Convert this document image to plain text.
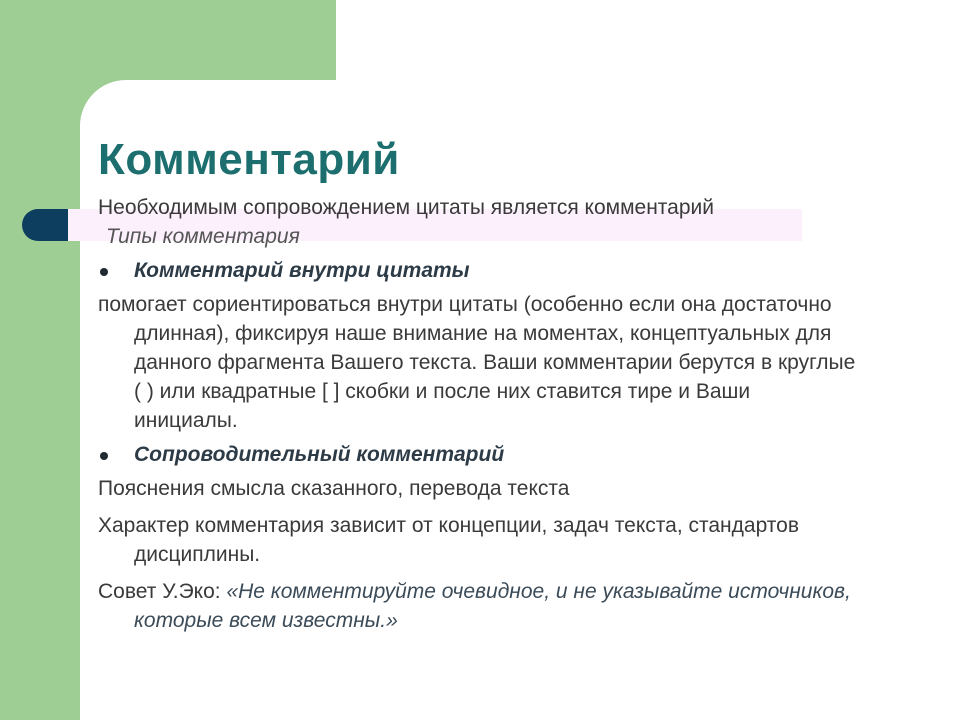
Комментарий

Необходимым сопровождением цитаты является комментарий

Типы комментария

Комментарий внутри цитаты

помогает сориентироваться внутри цитаты (особенно если она достаточно длинная), фиксируя наше внимание на моментах, концептуальных для данного фрагмента Вашего текста. Ваши комментарии берутся в круглые ( ) или квадратные [ ] скобки и после них ставится тире и Ваши инициалы.

Сопроводительный комментарий

Пояснения смысла сказанного, перевода текста

Характер комментария зависит от концепции, задач текста, стандартов дисциплины.

Совет У.Эко: «Не комментируйте очевидное, и не указывайте источников, которые всем известны.»
